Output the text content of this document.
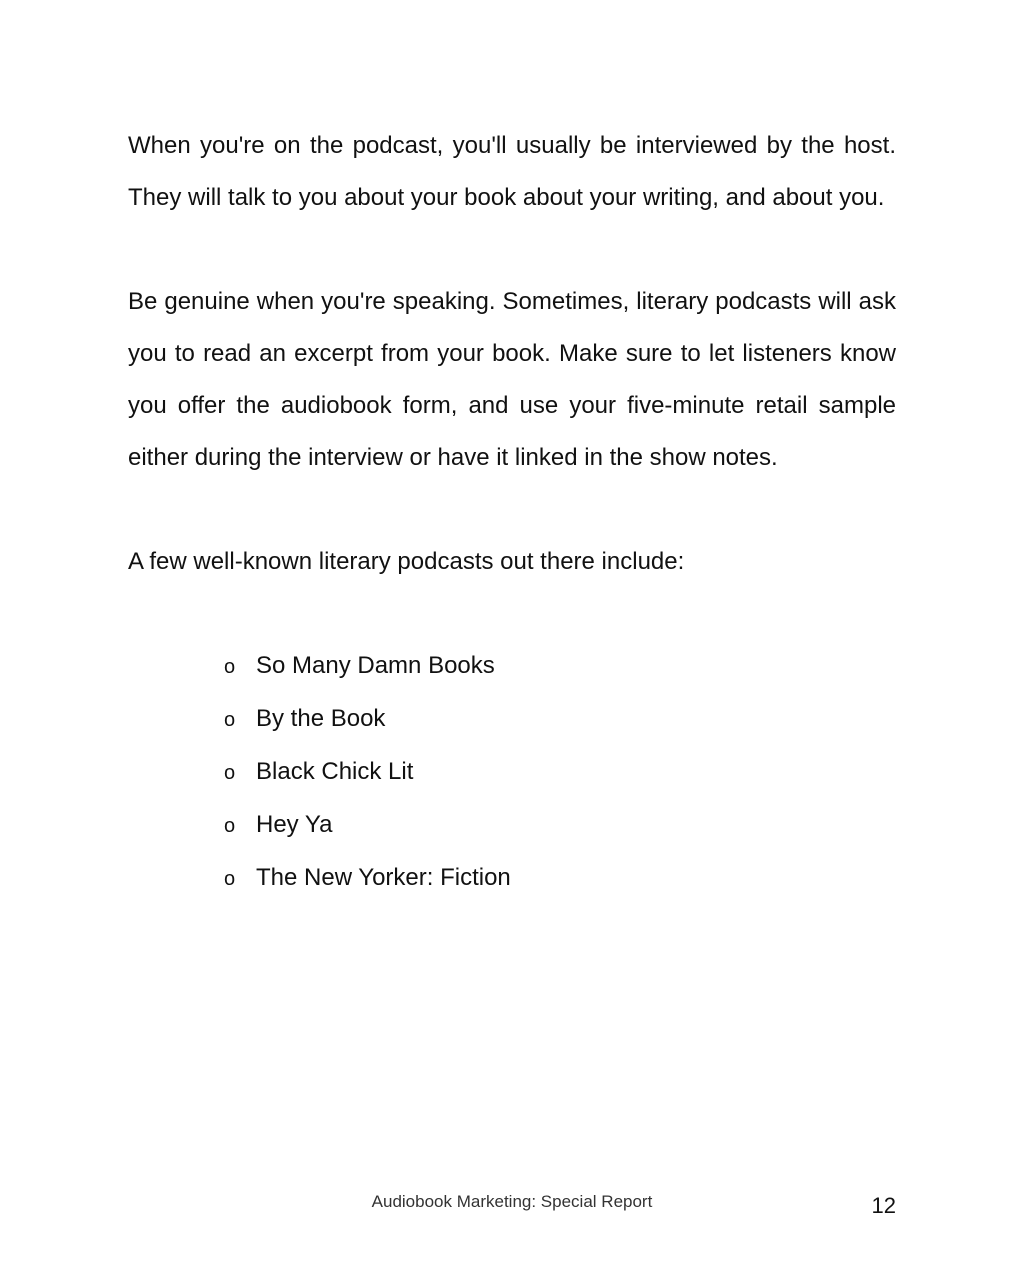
When you're on the podcast, you'll usually be interviewed by the host. They will talk to you about your book about your writing, and about you.

Be genuine when you're speaking. Sometimes, literary podcasts will ask you to read an excerpt from your book. Make sure to let listeners know you offer the audiobook form, and use your five-minute retail sample either during the interview or have it linked in the show notes.

A few well-known literary podcasts out there include:

o So Many Damn Books
o By the Book
o Black Chick Lit
o Hey Ya
o The New Yorker: Fiction
Audiobook Marketing: Special Report	12
